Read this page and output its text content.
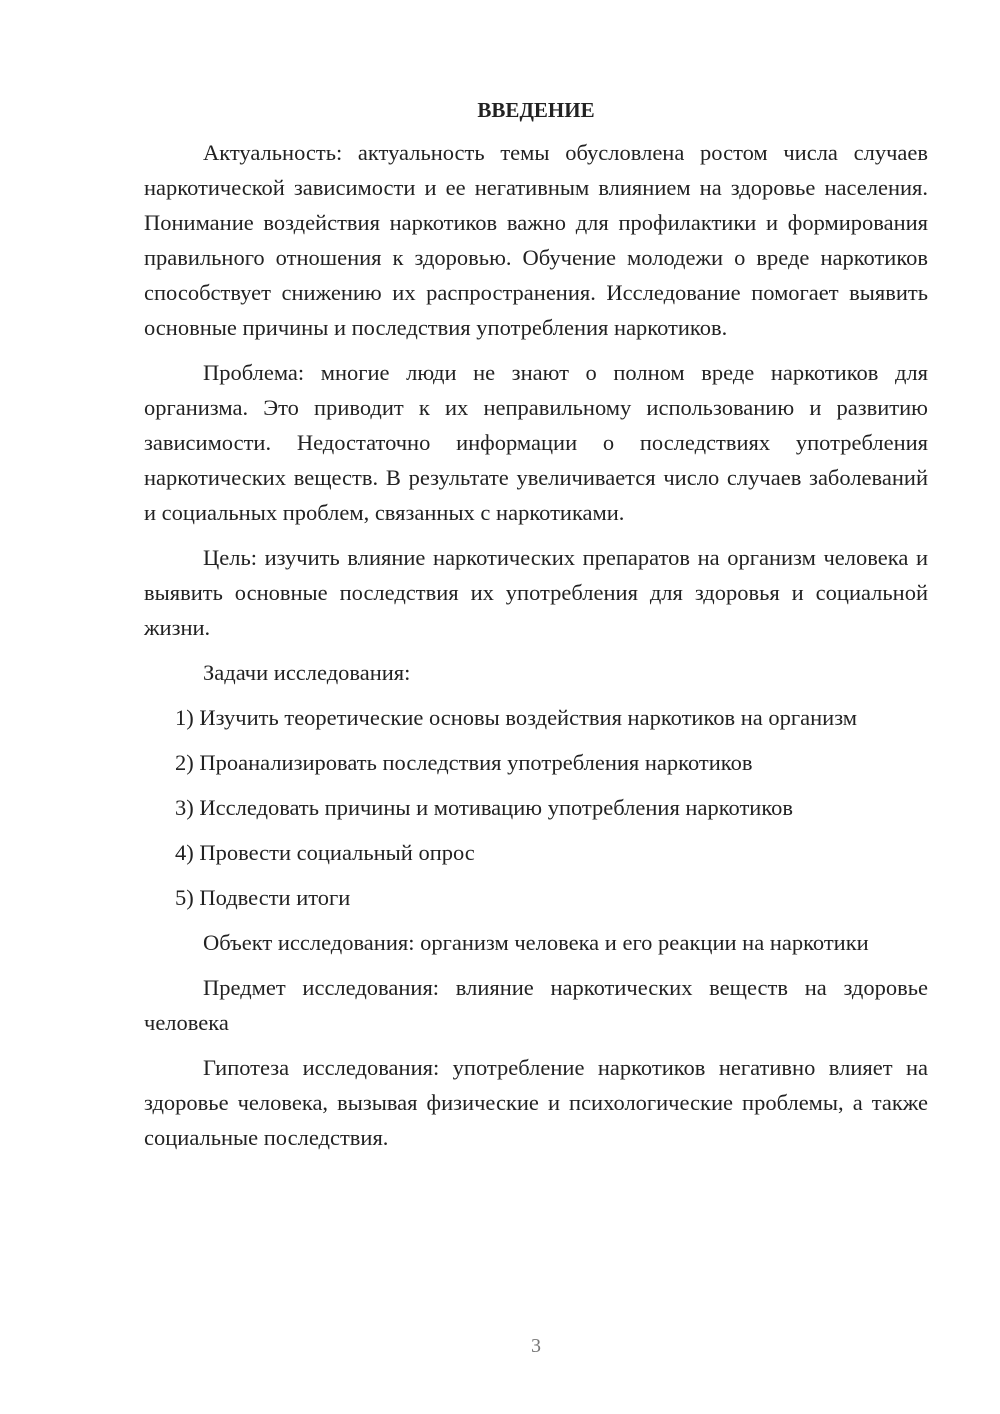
ВВЕДЕНИЕ

Актуальность: актуальность темы обусловлена ростом числа случаев наркотической зависимости и ее негативным влиянием на здоровье населения. Понимание воздействия наркотиков важно для профилактики и формирования правильного отношения к здоровью. Обучение молодежи о вреде наркотиков способствует снижению их распространения. Исследование помогает выявить основные причины и последствия употребления наркотиков.

Проблема: многие люди не знают о полном вреде наркотиков для организма. Это приводит к их неправильному использованию и развитию зависимости. Недостаточно информации о последствиях употребления наркотических веществ. В результате увеличивается число случаев заболеваний и социальных проблем, связанных с наркотиками.

Цель: изучить влияние наркотических препаратов на организм человека и выявить основные последствия их употребления для здоровья и социальной жизни.

Задачи исследования:

1) Изучить теоретические основы воздействия наркотиков на организм

2) Проанализировать последствия употребления наркотиков

3) Исследовать причины и мотивацию употребления наркотиков

4) Провести социальный опрос

5) Подвести итоги

Объект исследования: организм человека и его реакции на наркотики

Предмет исследования: влияние наркотических веществ на здоровье человека

Гипотеза исследования: употребление наркотиков негативно влияет на здоровье человека, вызывая физические и психологические проблемы, а также социальные последствия.

3
